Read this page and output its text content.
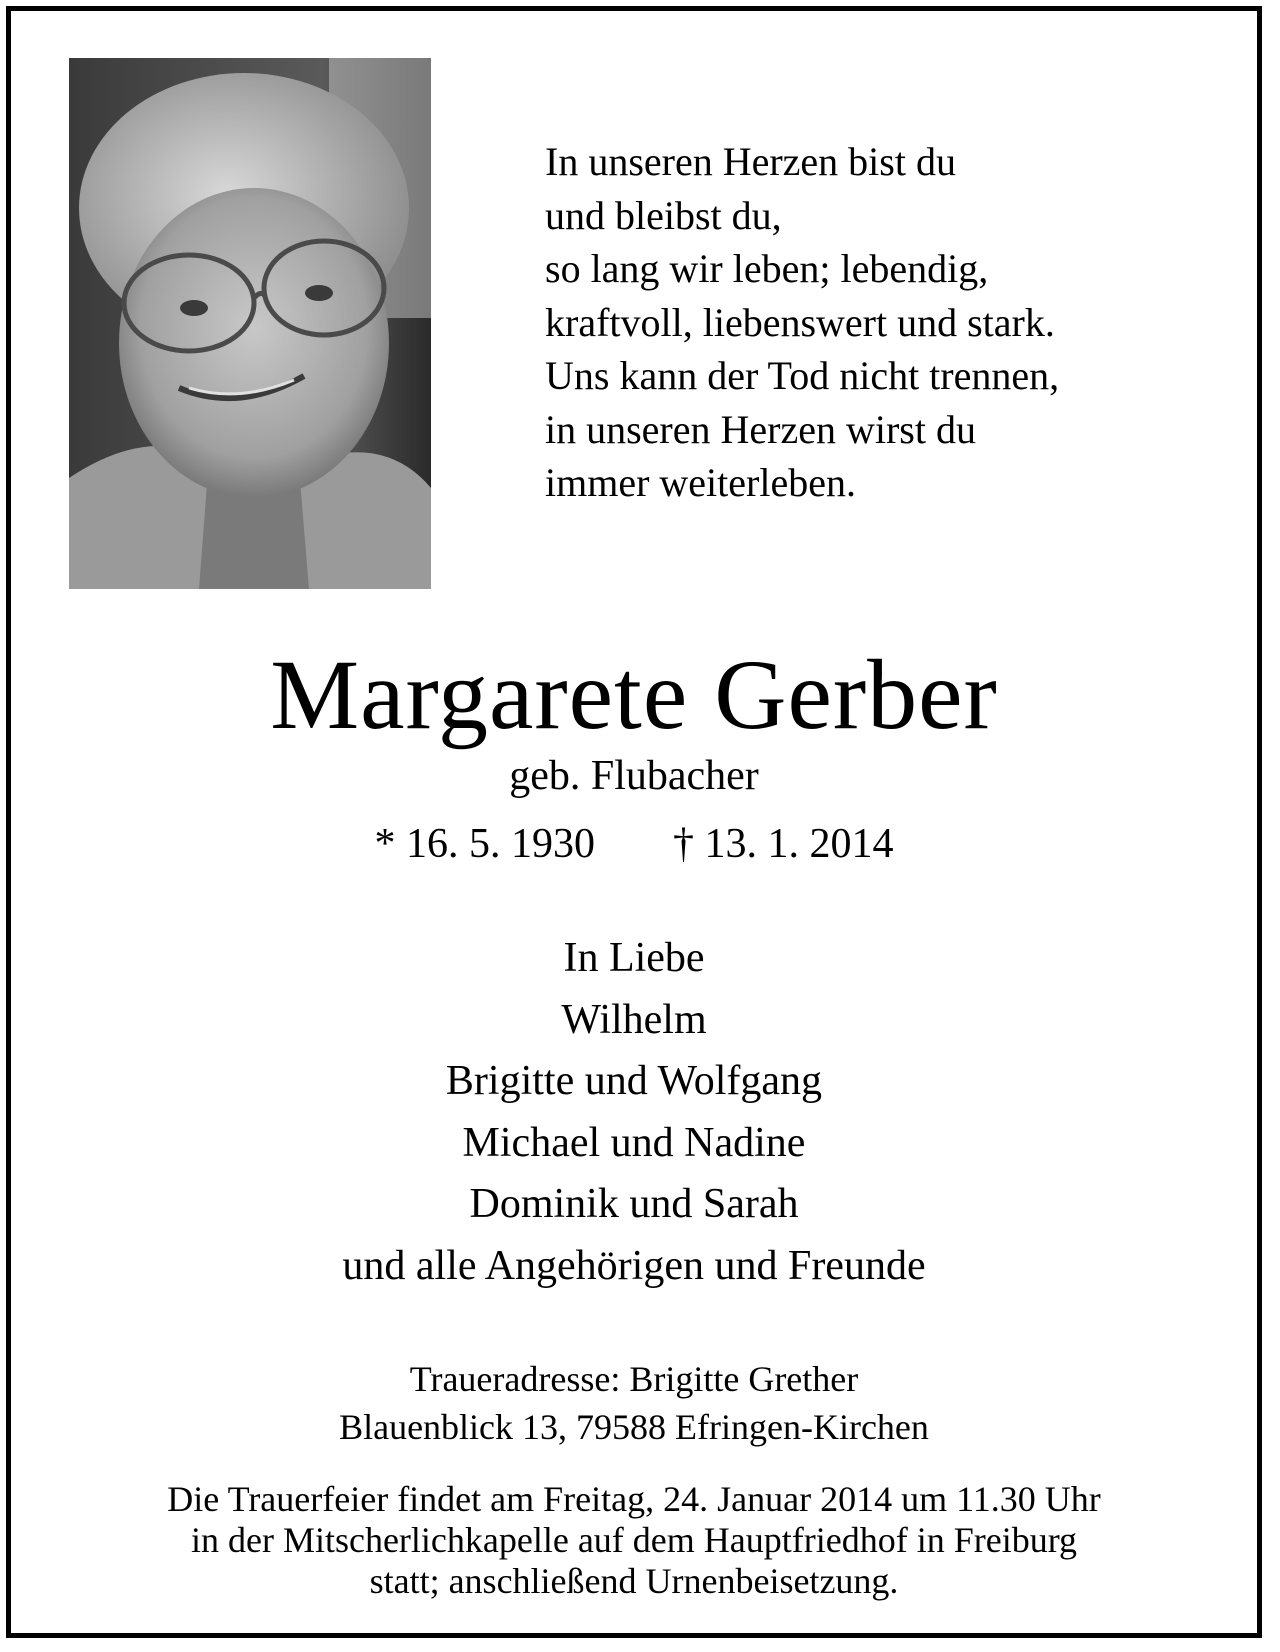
In unseren Herzen bist du
und bleibst du,
so lang wir leben; lebendig,
kraftvoll, liebenswert und stark.
Uns kann der Tod nicht trennen,
in unseren Herzen wirst du
immer weiterleben.
Margarete Gerber
geb. Flubacher
* 16. 5. 1930 † 13. 1. 2014
In Liebe
Wilhelm
Brigitte und Wolfgang
Michael und Nadine
Dominik und Sarah
und alle Angehörigen und Freunde
Traueradresse: Brigitte Grether
Blauenblick 13, 79588 Efringen-Kirchen
Die Trauerfeier findet am Freitag, 24. Januar 2014 um 11.30 Uhr
in der Mitscherlichkapelle auf dem Hauptfriedhof in Freiburg
statt; anschließend Urnenbeisetzung.
